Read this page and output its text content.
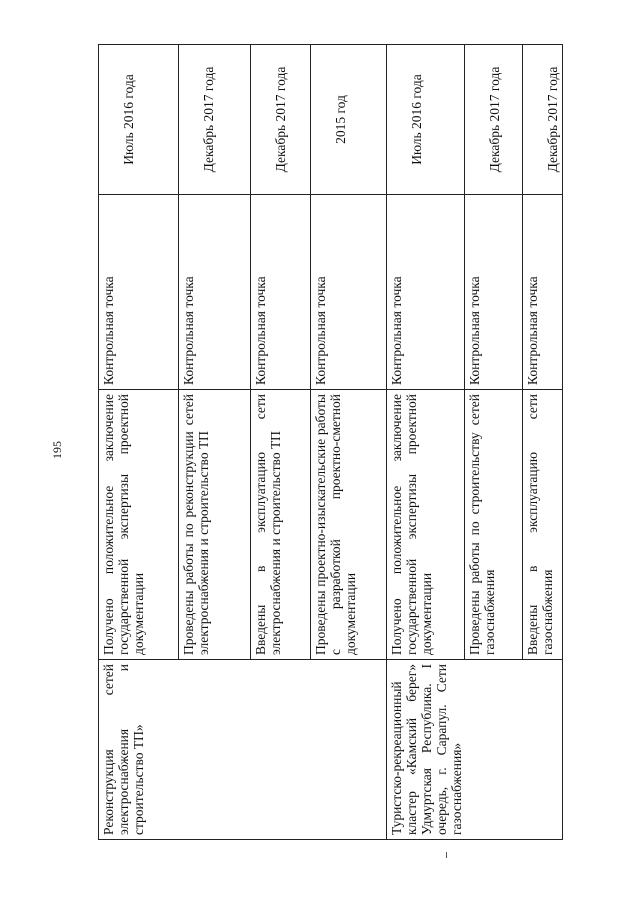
195
Реконструкция сетей электроснабжения и строительство ТП»	Получено положительное заключение государственной экспертизы проектной документации	Контрольная точка	Июль 2016 года
	Проведены работы по реконструкции сетей электроснабжения и строительство ТП	Контрольная точка	Декабрь 2017 года
	Введены в эксплуатацию сети электроснабжения и строительство ТП	Контрольная точка	Декабрь 2017 года
	Проведены проектно-изыскательские работы с разработкой проектно-сметной документации	Контрольная точка	2015 год
Туристско-рекреационный кластер «Камский берег» Удмуртская Республика. I очередь, г. Сарапул. Сети газоснабжения»	Получено положительное заключение государственной экспертизы проектной документации	Контрольная точка	Июль 2016 года
	Проведены работы по строительству сетей газоснабжения	Контрольная точка	Декабрь 2017 года
	Введены в эксплуатацию сети газоснабжения	Контрольная точка	Декабрь 2017 года
